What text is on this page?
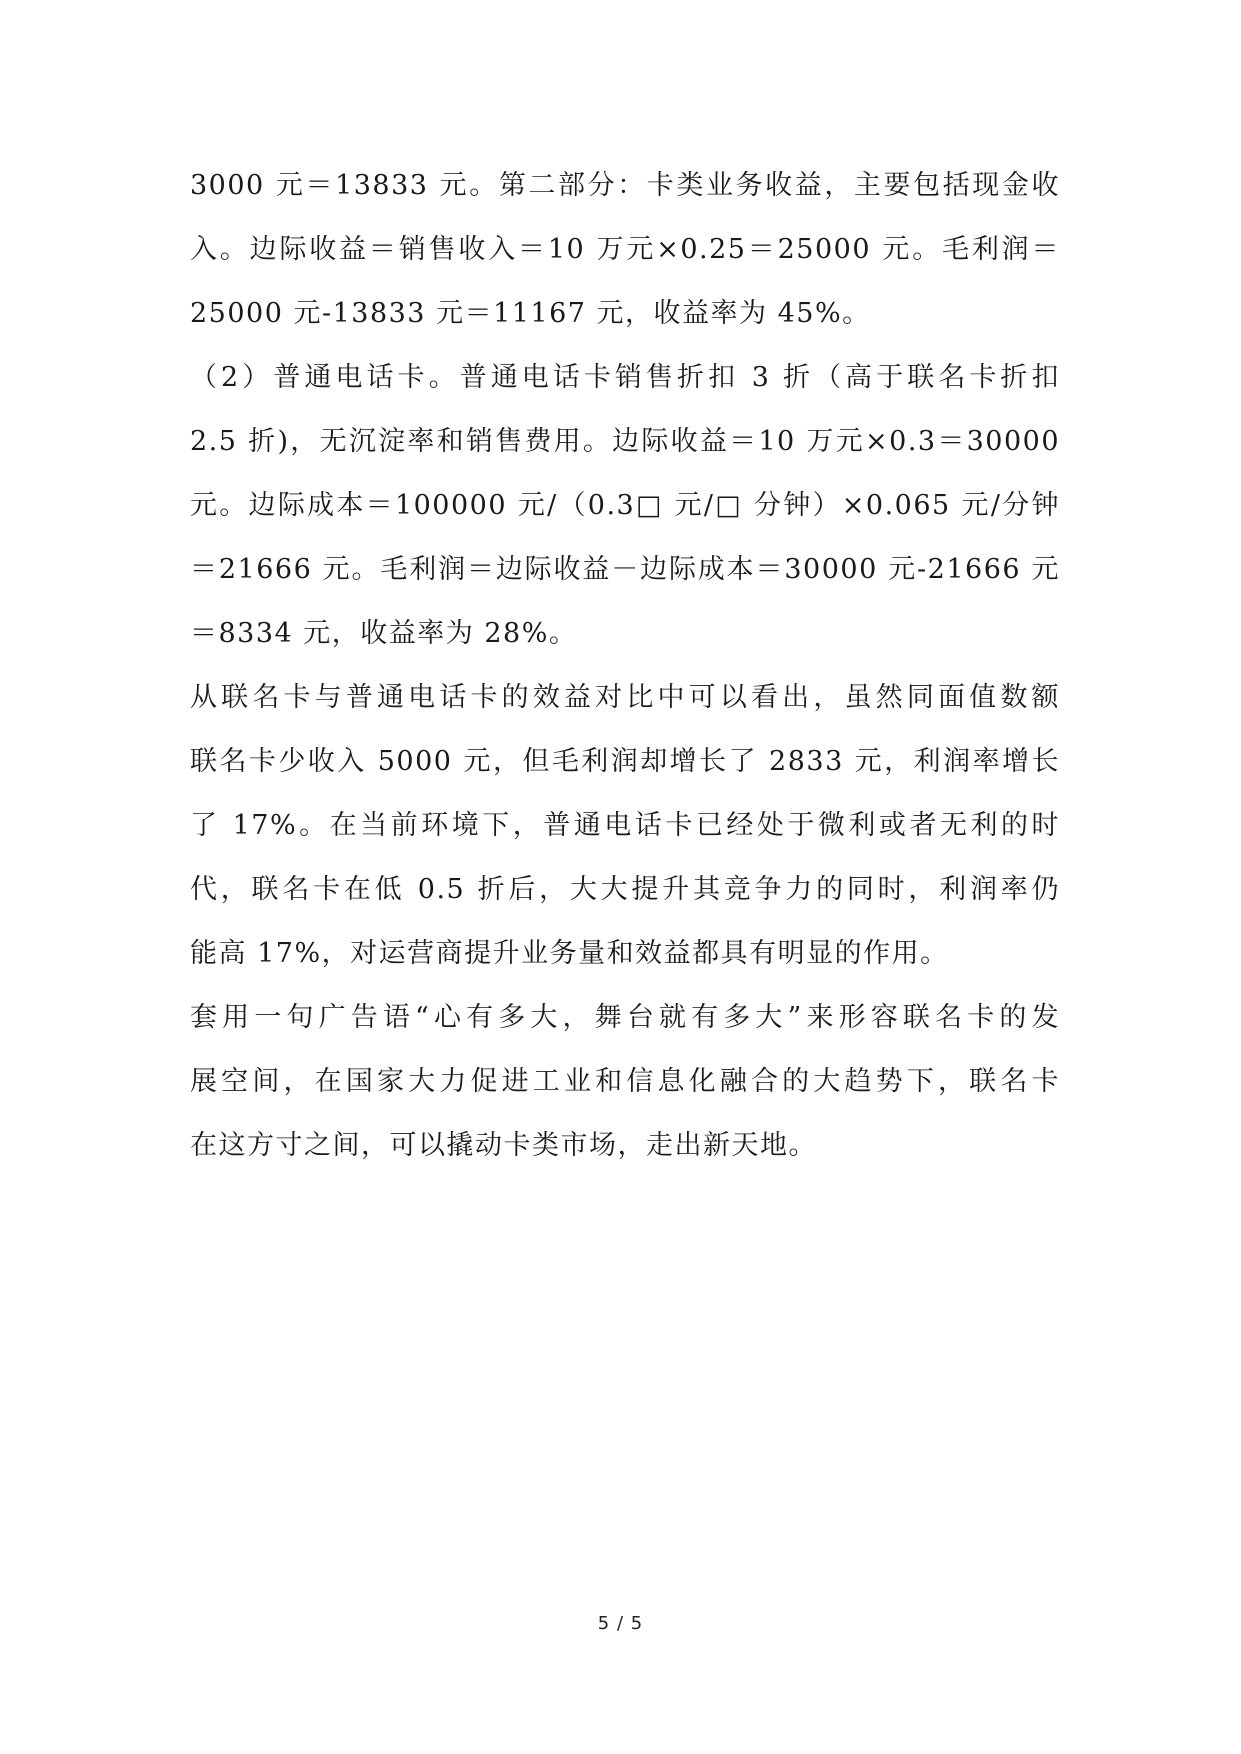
3000 元＝13833 元。第二部分：卡类业务收益，主要包括现金收
入。边际收益＝销售收入＝10 万元×0.25＝25000 元。毛利润＝
25000 元-13833 元＝11167 元，收益率为 45%。
（2）普通电话卡。普通电话卡销售折扣 3 折（高于联名卡折扣
2.5 折)，无沉淀率和销售费用。边际收益＝10 万元×0.3＝30000
元。边际成本＝100000 元/（0.3□ 元/□ 分钟）×0.065 元/分钟
＝21666 元。毛利润＝边际收益－边际成本＝30000 元-21666 元
＝8334 元，收益率为 28%。
从联名卡与普通电话卡的效益对比中可以看出，虽然同面值数额
联名卡少收入 5000 元，但毛利润却增长了 2833 元，利润率增长
了 17%。在当前环境下，普通电话卡已经处于微利或者无利的时
代，联名卡在低 0.5 折后，大大提升其竞争力的同时，利润率仍
能高 17%，对运营商提升业务量和效益都具有明显的作用。
套用一句广告语“心有多大，舞台就有多大”来形容联名卡的发
展空间，在国家大力促进工业和信息化融合的大趋势下，联名卡
在这方寸之间，可以撬动卡类市场，走出新天地。
5 / 5
